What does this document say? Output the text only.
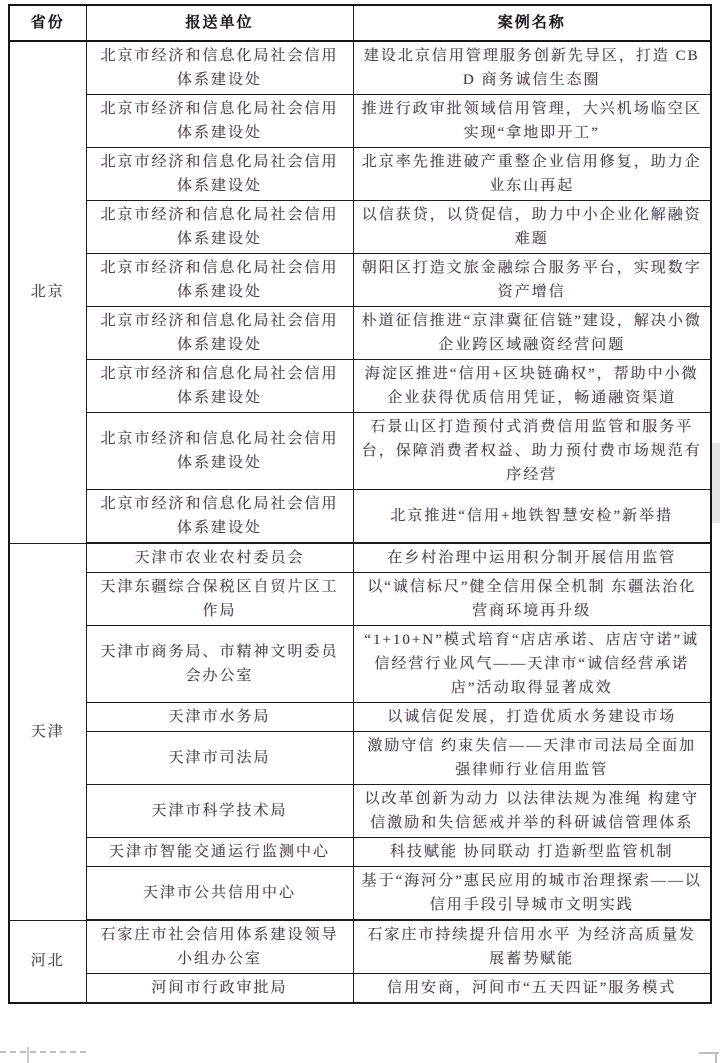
省份	报送单位	案例名称
北京	北京市经济和信息化局社会信用体系建设处	建设北京信用管理服务创新先导区，打造 CBD 商务诚信生态圈
	北京市经济和信息化局社会信用体系建设处	推进行政审批领域信用管理，大兴机场临空区实现“拿地即开工”
	北京市经济和信息化局社会信用体系建设处	北京率先推进破产重整企业信用修复，助力企业东山再起
	北京市经济和信息化局社会信用体系建设处	以信获贷，以贷促信，助力中小企业化解融资难题
	北京市经济和信息化局社会信用体系建设处	朝阳区打造文旅金融综合服务平台，实现数字资产增信
	北京市经济和信息化局社会信用体系建设处	朴道征信推进“京津冀征信链”建设，解决小微企业跨区域融资经营问题
	北京市经济和信息化局社会信用体系建设处	海淀区推进“信用+区块链确权”，帮助中小微企业获得优质信用凭证，畅通融资渠道
	北京市经济和信息化局社会信用体系建设处	石景山区打造预付式消费信用监管和服务平台，保障消费者权益、助力预付费市场规范有序经营
	北京市经济和信息化局社会信用体系建设处	北京推进“信用+地铁智慧安检”新举措
天津	天津市农业农村委员会	在乡村治理中运用积分制开展信用监管
	天津东疆综合保税区自贸片区工作局	以“诚信标尺”健全信用保全机制 东疆法治化营商环境再升级
	天津市商务局、市精神文明委员会办公室	“1+10+N”模式培育“店店承诺、店店守诺”诚信经营行业风气——天津市“诚信经营承诺店”活动取得显著成效
	天津市水务局	以诚信促发展，打造优质水务建设市场
	天津市司法局	激励守信 约束失信——天津市司法局全面加强律师行业信用监管
	天津市科学技术局	以改革创新为动力 以法律法规为准绳 构建守信激励和失信惩戒并举的科研诚信管理体系
	天津市智能交通运行监测中心	科技赋能 协同联动 打造新型监管机制
	天津市公共信用中心	基于“海河分”惠民应用的城市治理探索——以信用手段引导城市文明实践
河北	石家庄市社会信用体系建设领导小组办公室	石家庄市持续提升信用水平 为经济高质量发展蓄势赋能
	河间市行政审批局	信用安商，河间市“五天四证”服务模式
